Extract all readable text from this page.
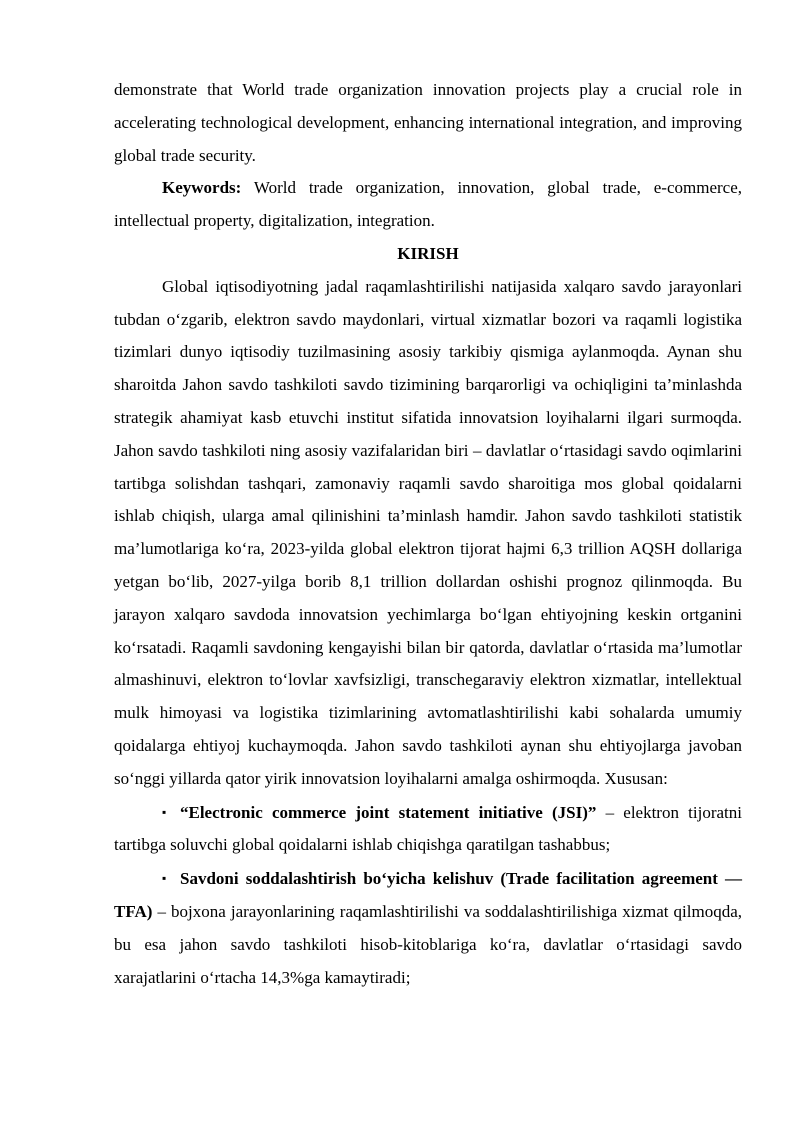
demonstrate that World trade organization innovation projects play a crucial role in accelerating technological development, enhancing international integration, and improving global trade security.

Keywords: World trade organization, innovation, global trade, e-commerce, intellectual property, digitalization, integration.

KIRISH

Global iqtisodiyotning jadal raqamlashtirilishi natijasida xalqaro savdo jarayonlari tubdan oʻzgarib, elektron savdo maydonlari, virtual xizmatlar bozori va raqamli logistika tizimlari dunyo iqtisodiy tuzilmasining asosiy tarkibiy qismiga aylanmoqda. Aynan shu sharoitda Jahon savdo tashkiloti savdo tizimining barqarorligi va ochiqligini ta’minlashda strategik ahamiyat kasb etuvchi institut sifatida innovatsion loyihalarni ilgari surmoqda. Jahon savdo tashkiloti ning asosiy vazifalaridan biri – davlatlar oʻrtasidagi savdo oqimlarini tartibga solishdan tashqari, zamonaviy raqamli savdo sharoitiga mos global qoidalarni ishlab chiqish, ularga amal qilinishini ta’minlash hamdir. Jahon savdo tashkiloti statistik ma’lumotlariga koʻra, 2023-yilda global elektron tijorat hajmi 6,3 trillion AQSH dollariga yetgan boʻlib, 2027-yilga borib 8,1 trillion dollardan oshishi prognoz qilinmoqda. Bu jarayon xalqaro savdoda innovatsion yechimlarga boʻlgan ehtiyojning keskin ortganini koʻrsatadi. Raqamli savdoning kengayishi bilan bir qatorda, davlatlar oʻrtasida ma’lumotlar almashinuvi, elektron toʻlovlar xavfsizligi, transchegaraviy elektron xizmatlar, intellektual mulk himoyasi va logistika tizimlarining avtomatlashtirilishi kabi sohalarda umumiy qoidalarga ehtiyoj kuchaymoqda. Jahon savdo tashkiloti aynan shu ehtiyojlarga javoban soʻnggi yillarda qator yirik innovatsion loyihalarni amalga oshirmoqda. Xususan:

▪ “Electronic commerce joint statement initiative (JSI)” – elektron tijoratni tartibga soluvchi global qoidalarni ishlab chiqishga qaratilgan tashabbus;

▪ Savdoni soddalashtirish boʻyicha kelishuv (Trade facilitation agreement — TFA) – bojxona jarayonlarining raqamlashtirilishi va soddalashtirilishiga xizmat qilmoqda, bu esa jahon savdo tashkiloti hisob-kitoblariga koʻra, davlatlar oʻrtasidagi savdo xarajatlarini oʻrtacha 14,3%ga kamaytiradi;
